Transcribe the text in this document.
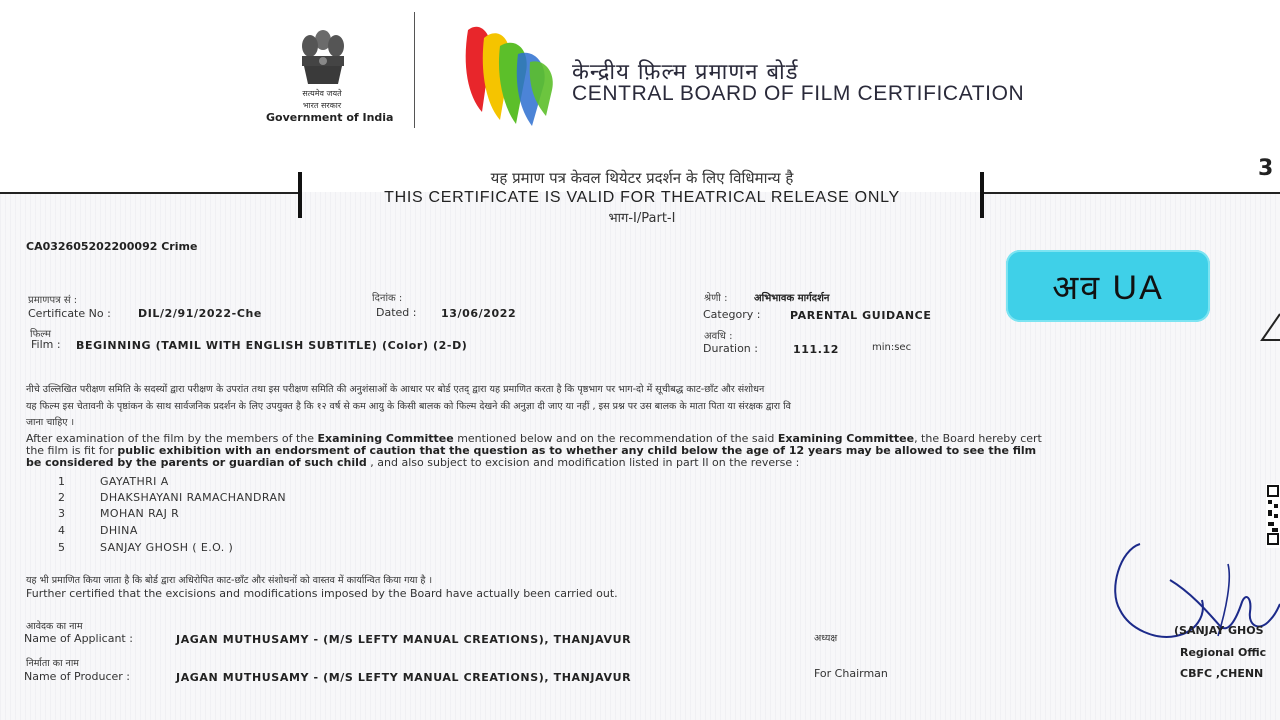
सत्यमेव जयते
भारत सरकार
Government of India
केन्द्रीय फ़िल्म प्रमाणन बोर्ड
CENTRAL BOARD OF FILM CERTIFICATION
3
यह प्रमाण पत्र केवल थियेटर प्रदर्शन के लिए विधिमान्य है
THIS CERTIFICATE IS VALID FOR THEATRICAL RELEASE ONLY
भाग-I/Part-I
CA032605202200092 Crime
प्रमाणपत्र सं :
Certificate No : DIL/2/91/2022-Che
दिनांक :
Dated : 13/06/2022
श्रेणी :	अभिभावक मार्गदर्शन
Category :	PARENTAL GUIDANCE
फिल्म
Film : BEGINNING (TAMIL WITH ENGLISH SUBTITLE) (Color) (2-D)
अवधि :
Duration :	111.12	min:sec
अव UA
नीचे उल्लिखित परीक्षण समिति के सदस्यों द्वारा परीक्षण के उपरांत तथा इस परीक्षण समिति की अनुशंसाओं के आधार पर बोर्ड एतद् द्वारा यह प्रमाणित करता है कि पृष्ठभाग पर भाग-दो में सूचीबद्ध काट-छाँट और संशोधन
यह फिल्म इस चेतावनी के पृष्ठांकन के साथ सार्वजनिक प्रदर्शन के लिए उपयुक्त है कि १२ वर्ष से कम आयु के किसी बालक को फिल्म देखने की अनुज्ञा दी जाए या नहीं , इस प्रश्न पर उस बालक के माता पिता या संरक्षक द्वारा वि
जाना चाहिए ।
After examination of the film by the members of the Examining Committee mentioned below and on the recommendation of the said Examining Committee, the Board hereby cert
the film is fit for public exhibition with an endorsment of caution that the question as to whether any child below the age of 12 years may be allowed to see the film
be considered by the parents or guardian of such child , and also subject to excision and modification listed in part II on the reverse :
1	GAYATHRI A
2	DHAKSHAYANI RAMACHANDRAN
3	MOHAN RAJ R
4	DHINA
5	SANJAY GHOSH ( E.O. )
यह भी प्रमाणित किया जाता है कि बोर्ड द्वारा अधिरोपित काट-छाँट और संशोधनों को वास्तव में कार्यान्वित किया गया है ।
Further certified that the excisions and modifications imposed by the Board have actually been carried out.
आवेदक का नाम
Name of Applicant :	JAGAN MUTHUSAMY - (M/S LEFTY MANUAL CREATIONS), THANJAVUR
निर्माता का नाम
Name of Producer :	JAGAN MUTHUSAMY - (M/S LEFTY MANUAL CREATIONS), THANJAVUR
अध्यक्ष
For Chairman
(SANJAY GHOS
Regional Offic
CBFC ,CHENN
